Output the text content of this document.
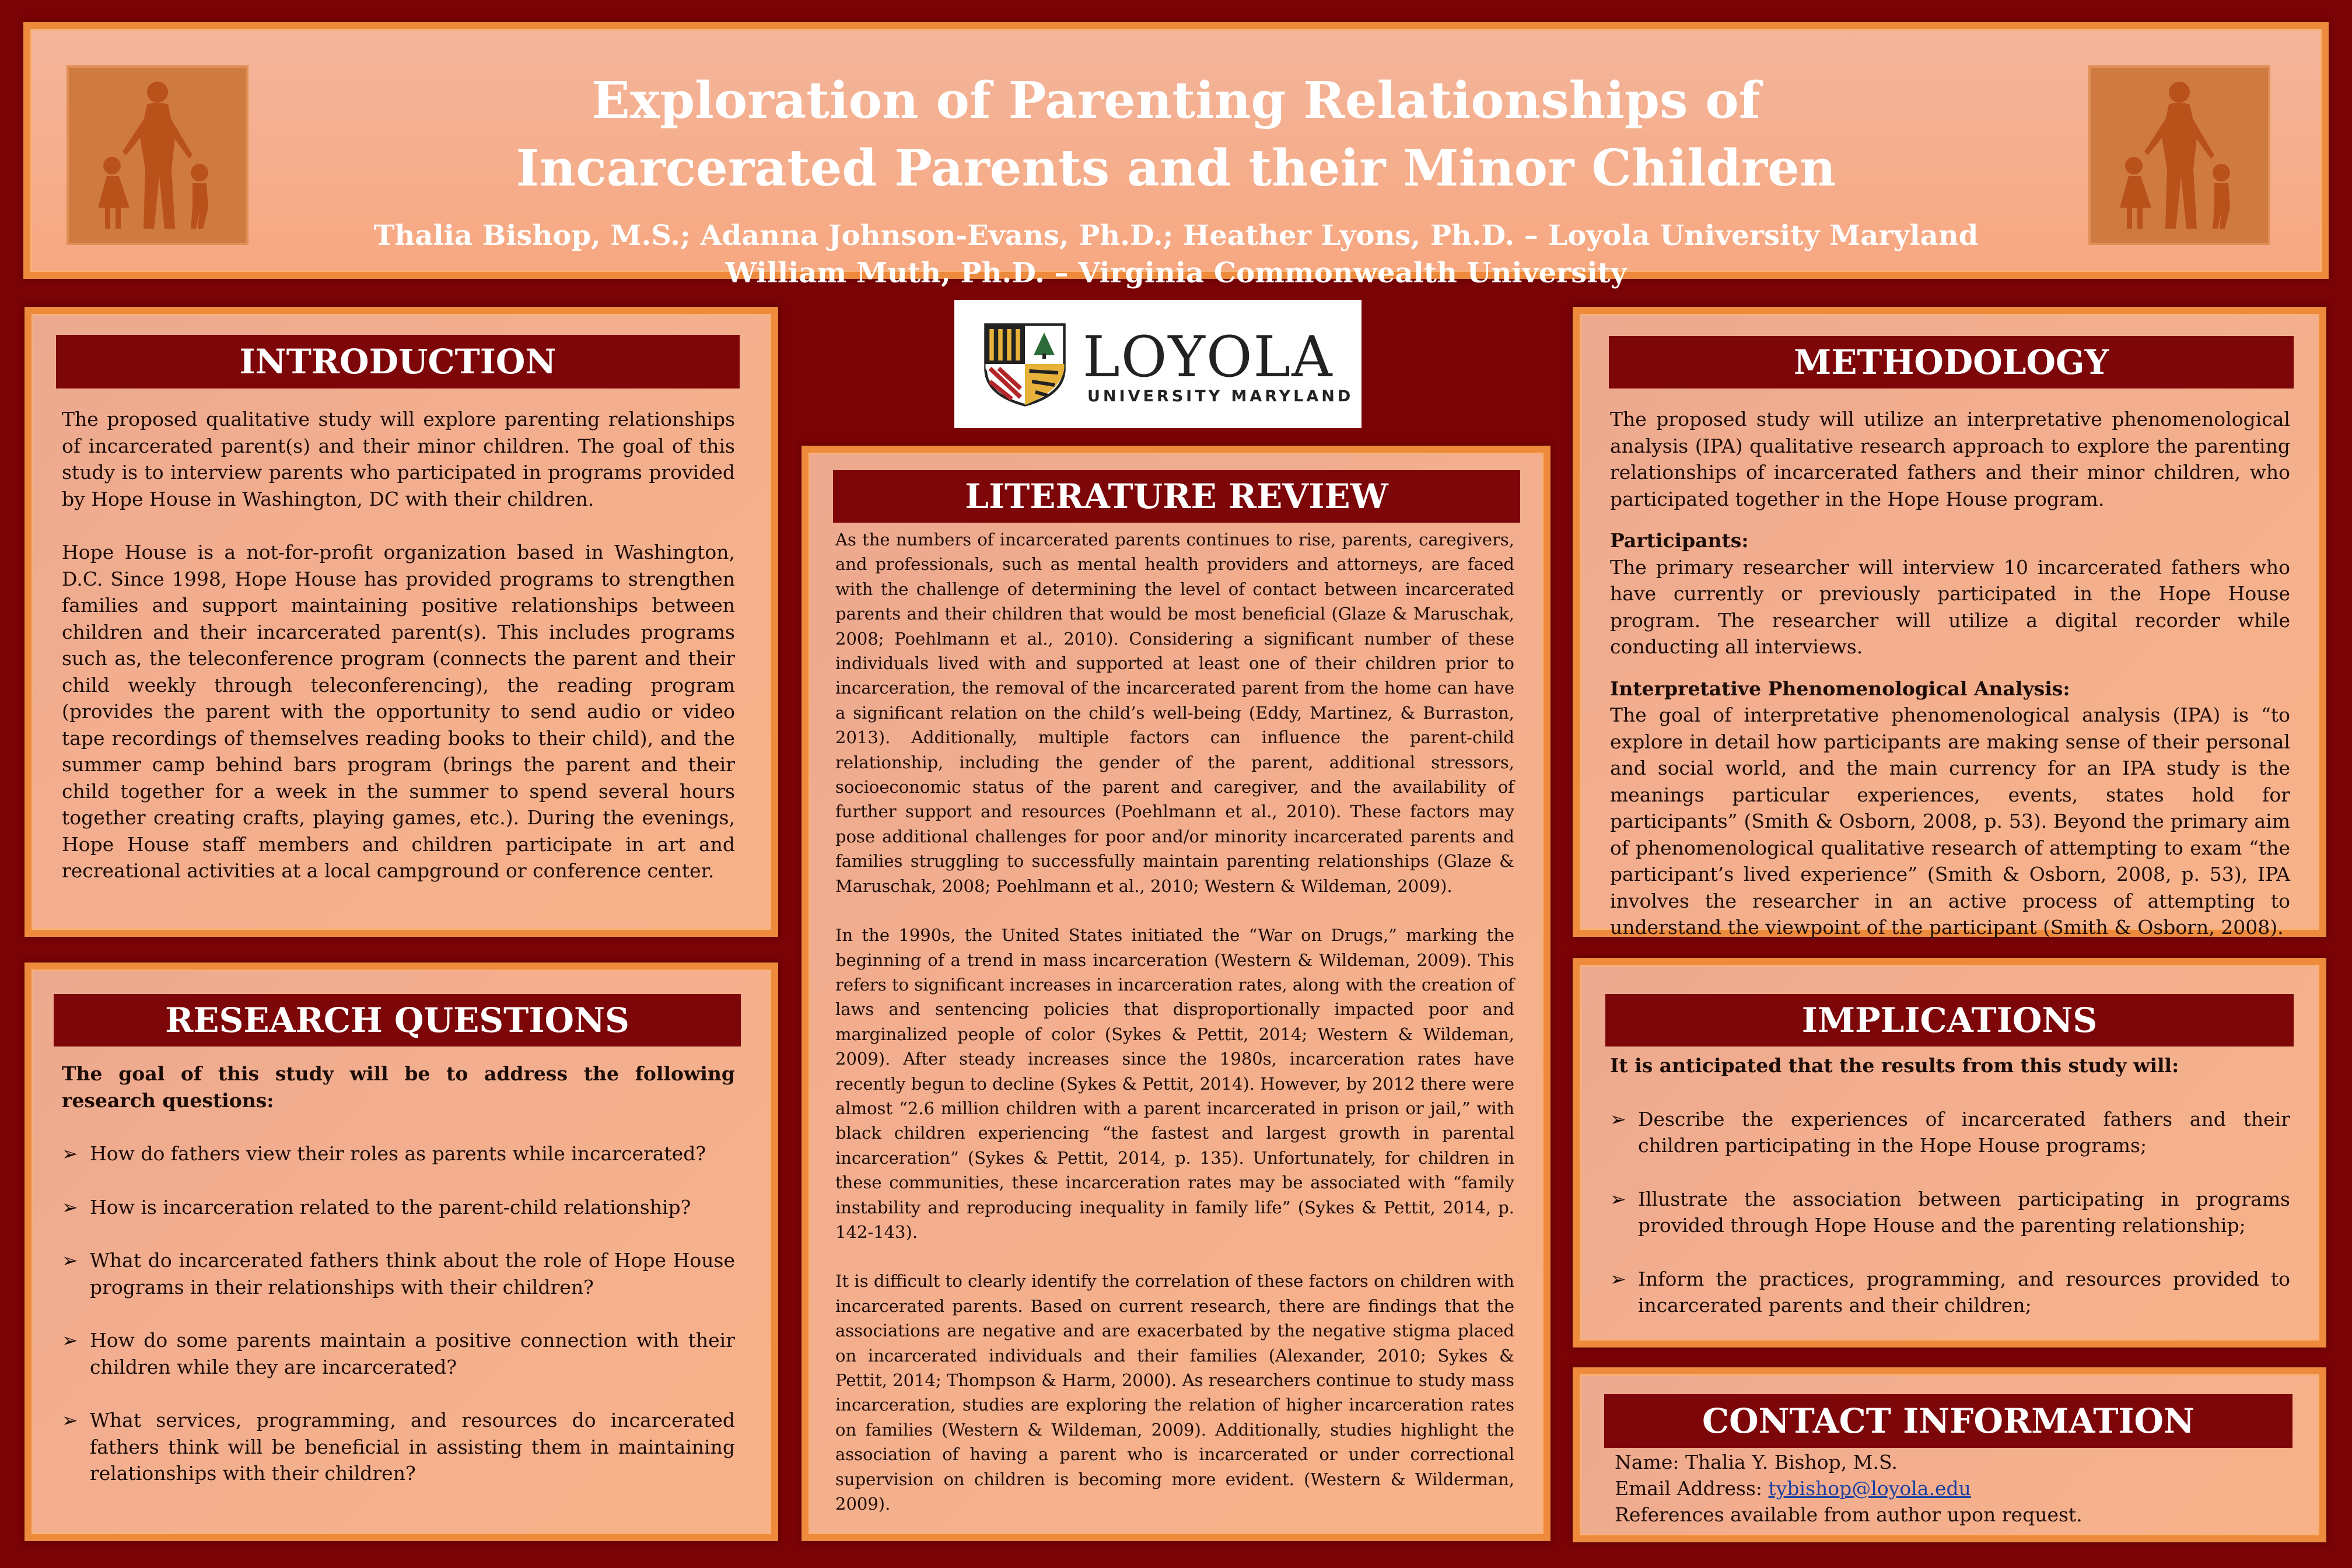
Exploration of Parenting Relationships of
Incarcerated Parents and their Minor Children
Thalia Bishop, M.S.; Adanna Johnson-Evans, Ph.D.; Heather Lyons, Ph.D. – Loyola University Maryland
William Muth, Ph.D. – Virginia Commonwealth University
LOYOLA
UNIVERSITY MARYLAND
INTRODUCTION

The proposed qualitative study will explore parenting relationships of incarcerated parent(s) and their minor children. The goal of this study is to interview parents who participated in programs provided by Hope House in Washington, DC with their children.

Hope House is a not-for-profit organization based in Washington, D.C. Since 1998, Hope House has provided programs to strengthen families and support maintaining positive relationships between children and their incarcerated parent(s). This includes programs such as, the teleconference program (connects the parent and their child weekly through teleconferencing), the reading program (provides the parent with the opportunity to send audio or video tape recordings of themselves reading books to their child), and the summer camp behind bars program (brings the parent and their child together for a week in the summer to spend several hours together creating crafts, playing games, etc.). During the evenings, Hope House staff members and children participate in art and recreational activities at a local campground or conference center.

RESEARCH QUESTIONS

The goal of this study will be to address the following research questions:

➢ How do fathers view their roles as parents while incarcerated?
➢ How is incarceration related to the parent-child relationship?
➢ What do incarcerated fathers think about the role of Hope House programs in their relationships with their children?
➢ How do some parents maintain a positive connection with their children while they are incarcerated?
➢ What services, programming, and resources do incarcerated fathers think will be beneficial in assisting them in maintaining relationships with their children?
LITERATURE REVIEW

As the numbers of incarcerated parents continues to rise, parents, caregivers, and professionals, such as mental health providers and attorneys, are faced with the challenge of determining the level of contact between incarcerated parents and their children that would be most beneficial (Glaze & Maruschak, 2008; Poehlmann et al., 2010). Considering a significant number of these individuals lived with and supported at least one of their children prior to incarceration, the removal of the incarcerated parent from the home can have a significant relation on the child’s well-being (Eddy, Martinez, & Burraston, 2013). Additionally, multiple factors can influence the parent-child relationship, including the gender of the parent, additional stressors, socioeconomic status of the parent and caregiver, and the availability of further support and resources (Poehlmann et al., 2010). These factors may pose additional challenges for poor and/or minority incarcerated parents and families struggling to successfully maintain parenting relationships (Glaze & Maruschak, 2008; Poehlmann et al., 2010; Western & Wildeman, 2009).

In the 1990s, the United States initiated the “War on Drugs,” marking the beginning of a trend in mass incarceration (Western & Wildeman, 2009). This refers to significant increases in incarceration rates, along with the creation of laws and sentencing policies that disproportionally impacted poor and marginalized people of color (Sykes & Pettit, 2014; Western & Wildeman, 2009). After steady increases since the 1980s, incarceration rates have recently begun to decline (Sykes & Pettit, 2014). However, by 2012 there were almost “2.6 million children with a parent incarcerated in prison or jail,” with black children experiencing “the fastest and largest growth in parental incarceration” (Sykes & Pettit, 2014, p. 135). Unfortunately, for children in these communities, these incarceration rates may be associated with “family instability and reproducing inequality in family life” (Sykes & Pettit, 2014, p. 142-143).

It is difficult to clearly identify the correlation of these factors on children with incarcerated parents. Based on current research, there are findings that the associations are negative and are exacerbated by the negative stigma placed on incarcerated individuals and their families (Alexander, 2010; Sykes & Pettit, 2014; Thompson & Harm, 2000). As researchers continue to study mass incarceration, studies are exploring the relation of higher incarceration rates on families (Western & Wildeman, 2009). Additionally, studies highlight the association of having a parent who is incarcerated or under correctional supervision on children is becoming more evident. (Western & Wilderman, 2009).

METHODOLOGY

The proposed study will utilize an interpretative phenomenological analysis (IPA) qualitative research approach to explore the parenting relationships of incarcerated fathers and their minor children, who participated together in the Hope House program.

Participants:

The primary researcher will interview 10 incarcerated fathers who have currently or previously participated in the Hope House program. The researcher will utilize a digital recorder while conducting all interviews.

Interpretative Phenomenological Analysis:

The goal of interpretative phenomenological analysis (IPA) is “to explore in detail how participants are making sense of their personal and social world, and the main currency for an IPA study is the meanings particular experiences, events, states hold for participants” (Smith & Osborn, 2008, p. 53). Beyond the primary aim of phenomenological qualitative research of attempting to exam “the participant’s lived experience” (Smith & Osborn, 2008, p. 53), IPA involves the researcher in an active process of attempting to understand the viewpoint of the participant (Smith & Osborn, 2008).

IMPLICATIONS

It is anticipated that the results from this study will:

➢ Describe the experiences of incarcerated fathers and their children participating in the Hope House programs;
➢ Illustrate the association between participating in programs provided through Hope House and the parenting relationship;
➢ Inform the practices, programming, and resources provided to incarcerated parents and their children;
CONTACT INFORMATION
Name: Thalia Y. Bishop, M.S.
Email Address: tybishop@loyola.edu
References available from author upon request.
